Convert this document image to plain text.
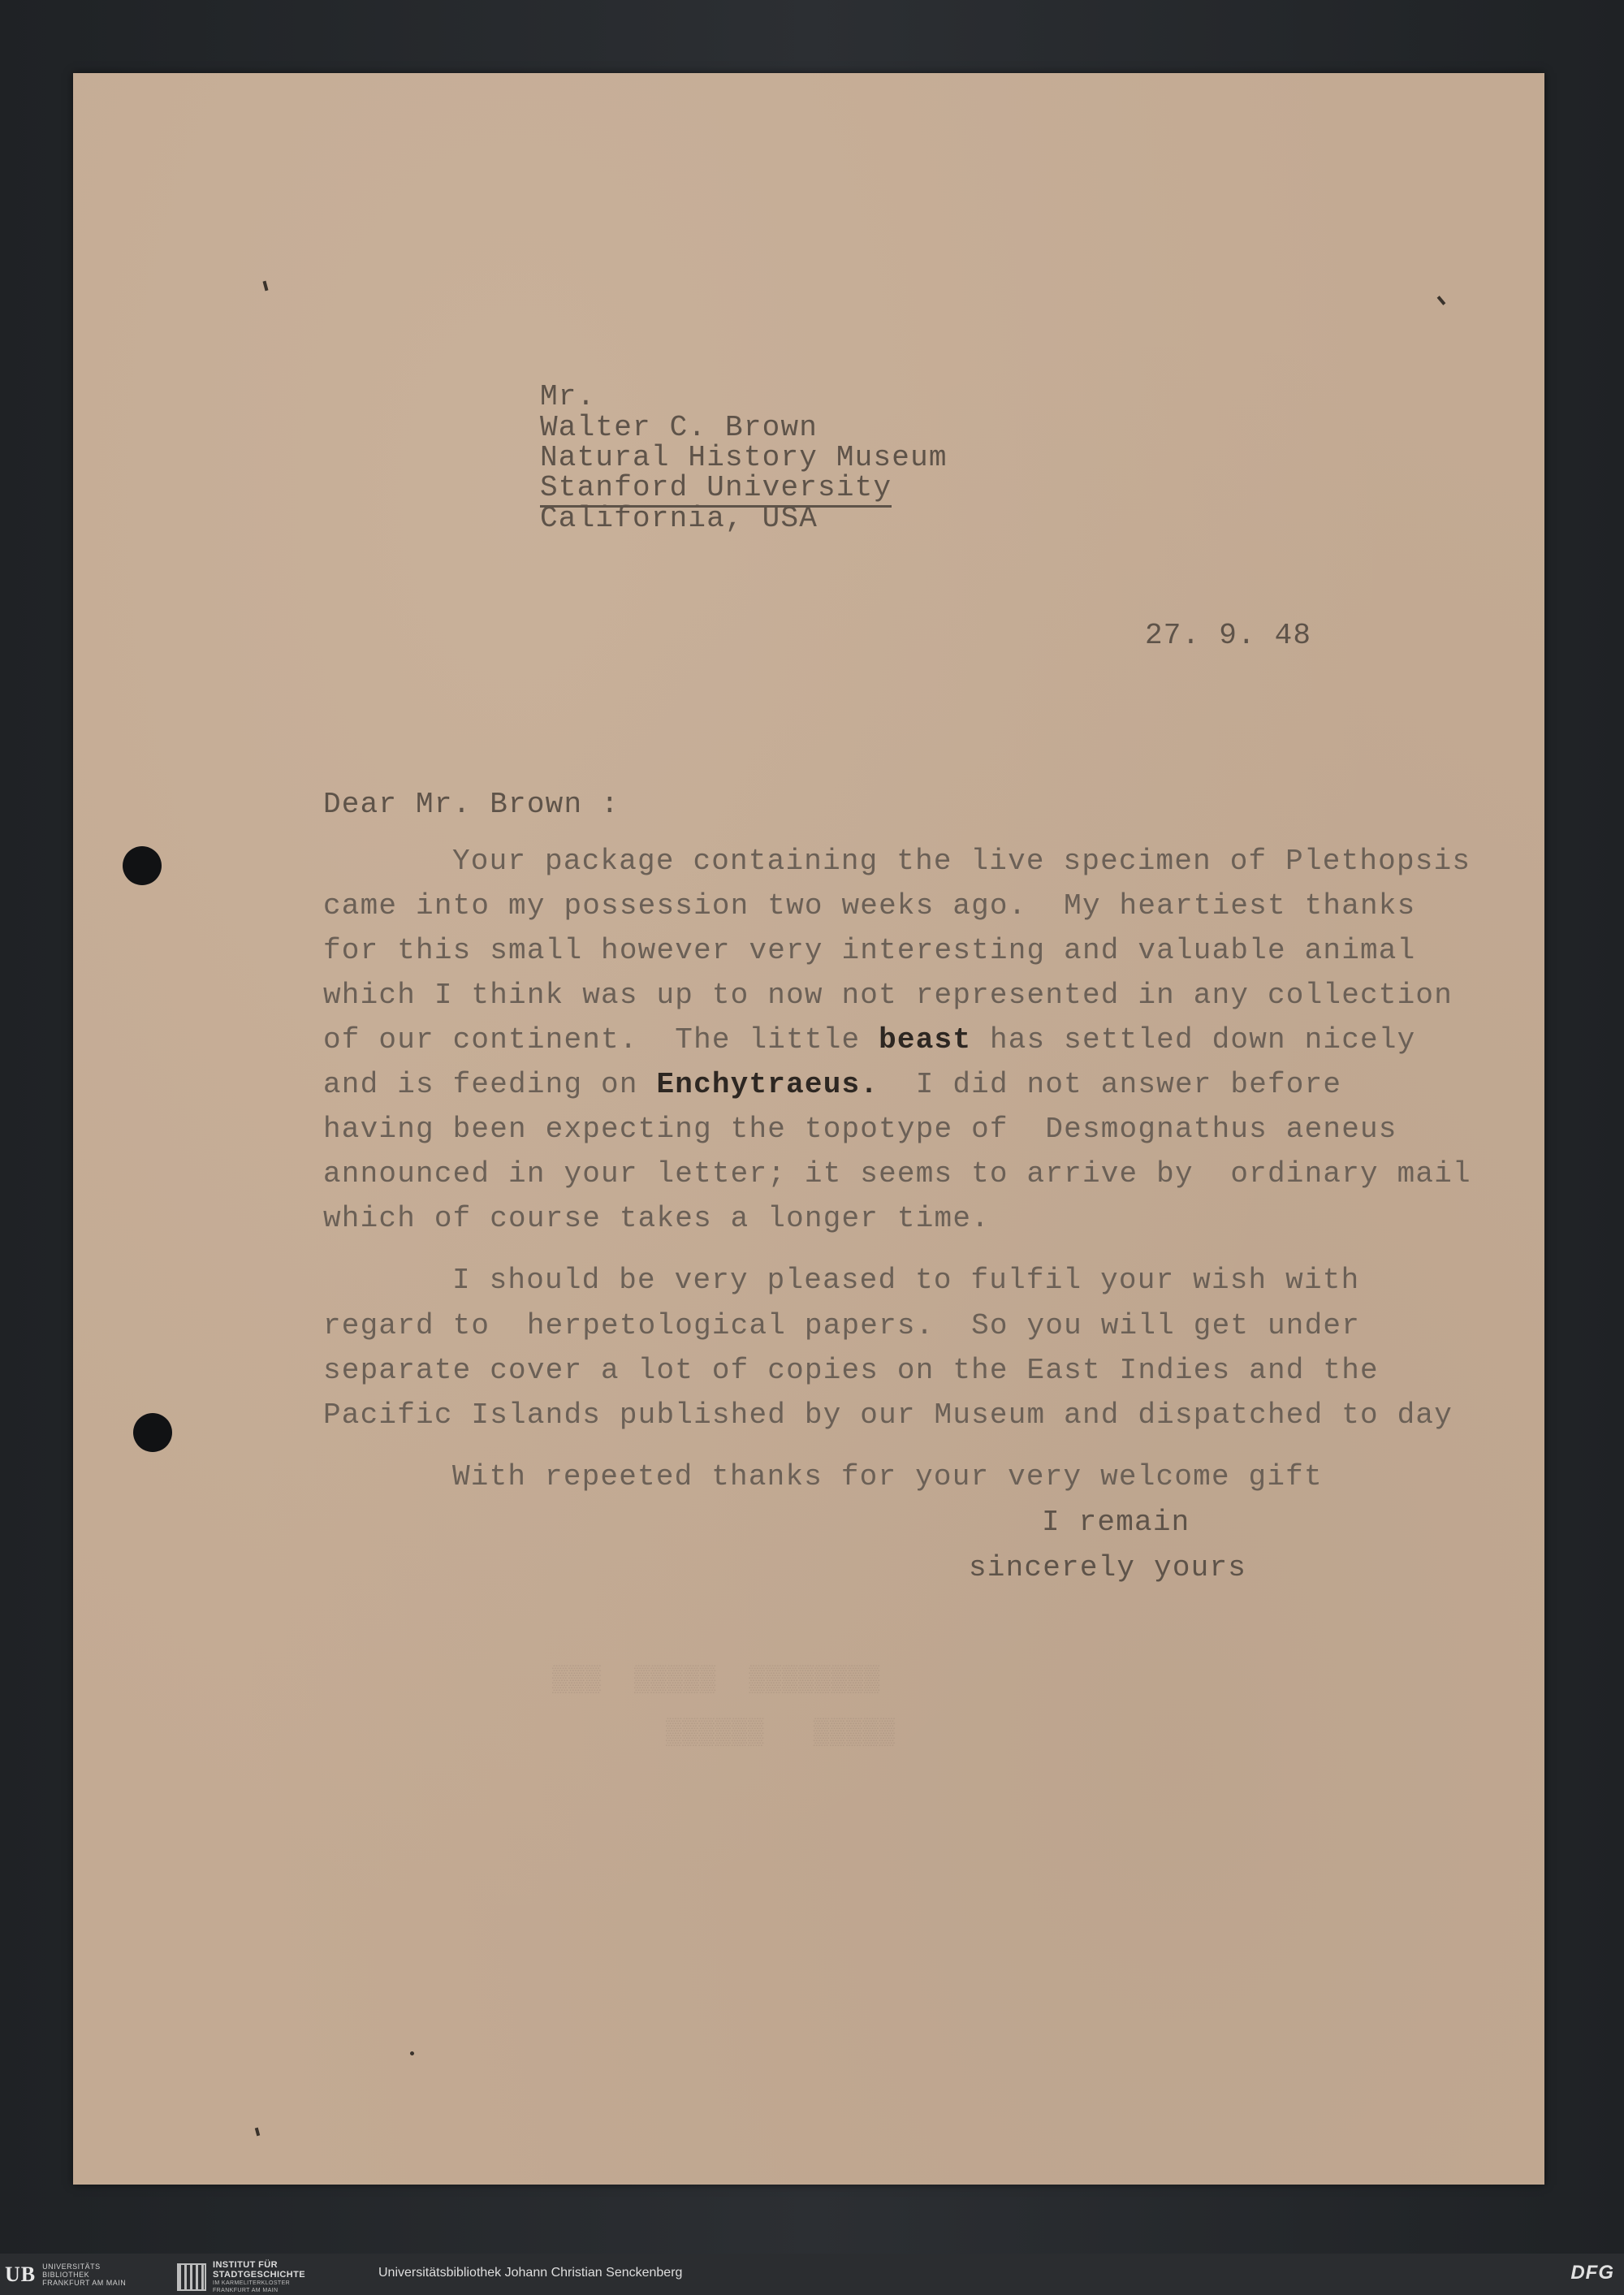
Mr.

Walter C. Brown

Natural History Museum

Stanford University

California, USA

27. 9. 48

Dear Mr. Brown :

Your package containing the live specimen of Plethopsis

came into my possession two weeks ago.  My heartiest thanks

for this small however very interesting and valuable animal

which I think was up to now not represented in any collection

of our continent.  The little beast has settled down nicely

and is feeding on Enchytraeus.  I did not answer before

having been expecting the topotype of  Desmognathus aeneus

announced in your letter; it seems to arrive by  ordinary mail

which of course takes a longer time.

I should be very pleased to fulfil your wish with

regard to  herpetological papers.  So you will get under

separate cover a lot of copies on the East Indies and the

Pacific Islands published by our Museum and dispatched to day

With repeeted thanks for your very welcome gift

I remain

sincerely yours

▒▒▒  ▒▒▒▒▒  ▒▒▒▒▒▒▒▒
▒▒▒▒▒▒   ▒▒▒▒▒
UB UNIVERSITÄTS
BIBLIOTHEK
FRANKFURT AM MAIN
INSTITUT FÜR
STADTGESCHICHTE
IM KARMELITERKLOSTER
FRANKFURT AM MAIN
Universitätsbibliothek Johann Christian Senckenberg	DFG
